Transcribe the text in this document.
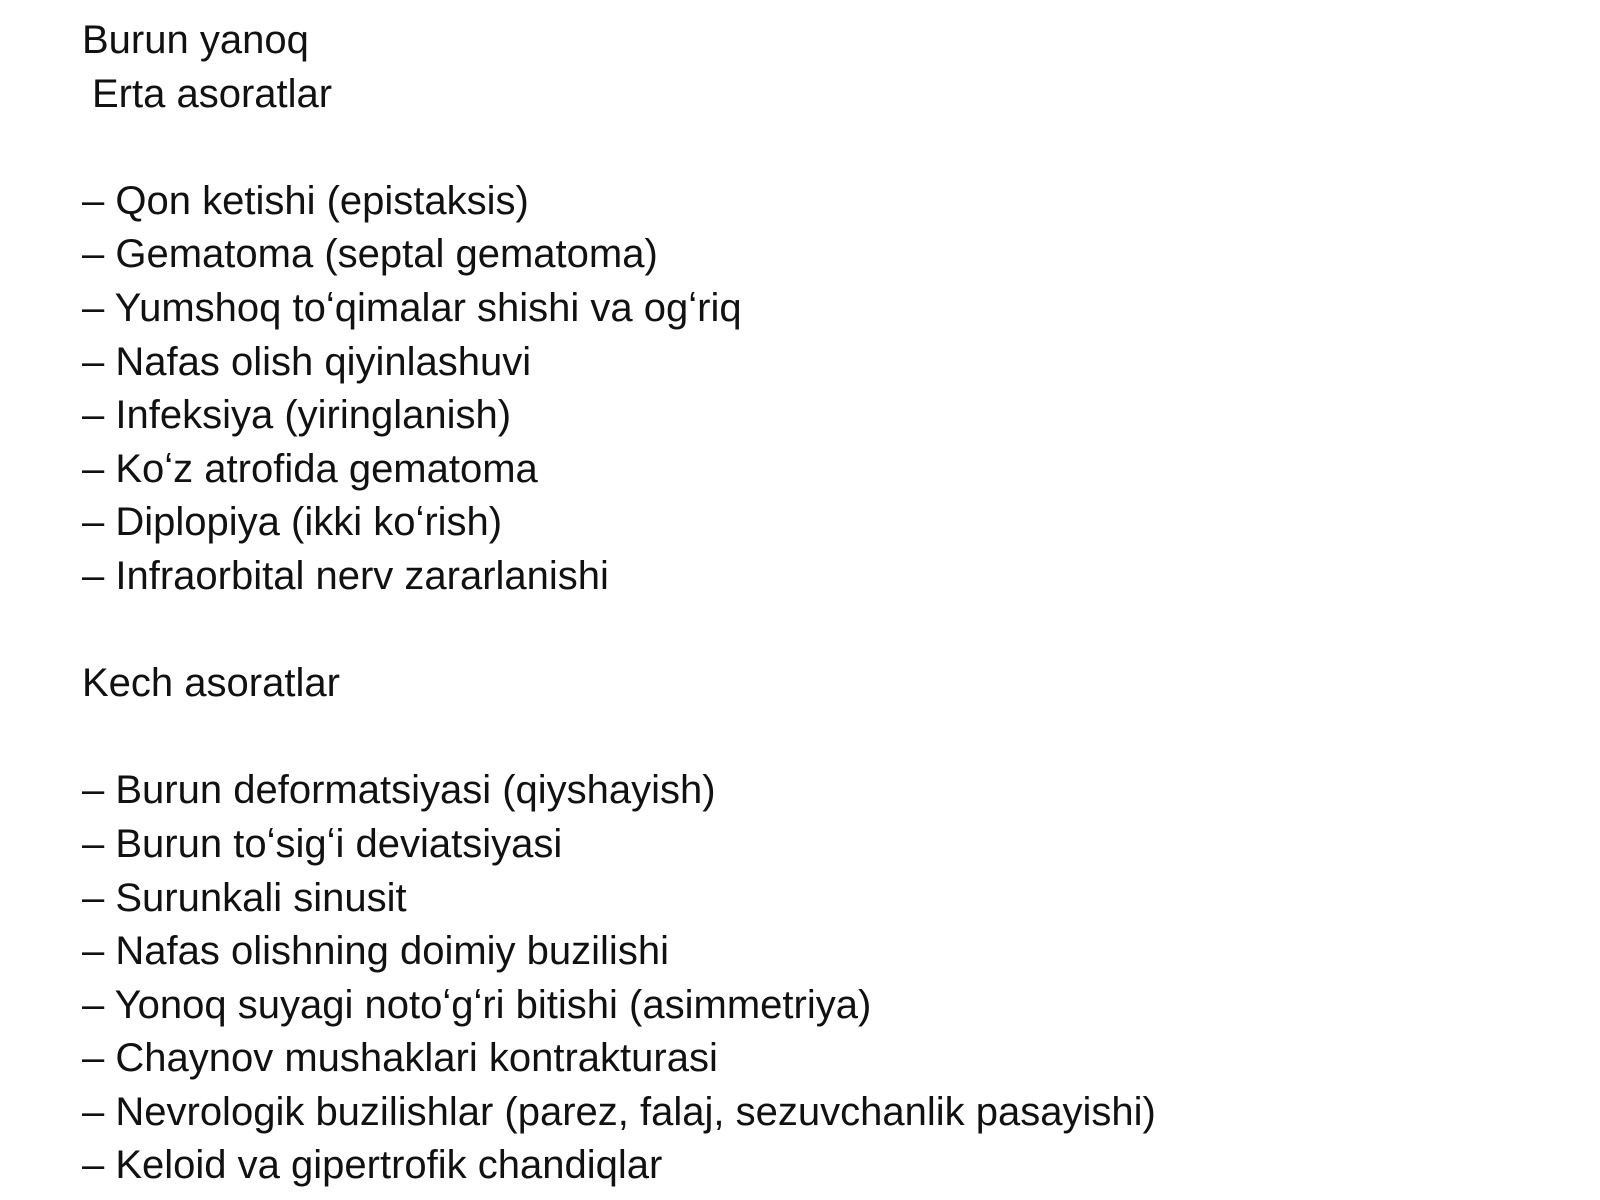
Burun yanoq
Erta asoratlar
– Qon ketishi (epistaksis)
– Gematoma (septal gematoma)
– Yumshoq toʻqimalar shishi va ogʻriq
– Nafas olish qiyinlashuvi
– Infeksiya (yiringlanish)
– Koʻz atrofida gematoma
– Diplopiya (ikki koʻrish)
– Infraorbital nerv zararlanishi
Kech asoratlar
– Burun deformatsiyasi (qiyshayish)
– Burun toʻsigʻi deviatsiyasi
– Surunkali sinusit
– Nafas olishning doimiy buzilishi
– Yonoq suyagi notoʻgʻri bitishi (asimmetriya)
– Chaynov mushaklari kontrakturasi
– Nevrologik buzilishlar (parez, falaj, sezuvchanlik pasayishi)
– Keloid va gipertrofik chandiqlar
